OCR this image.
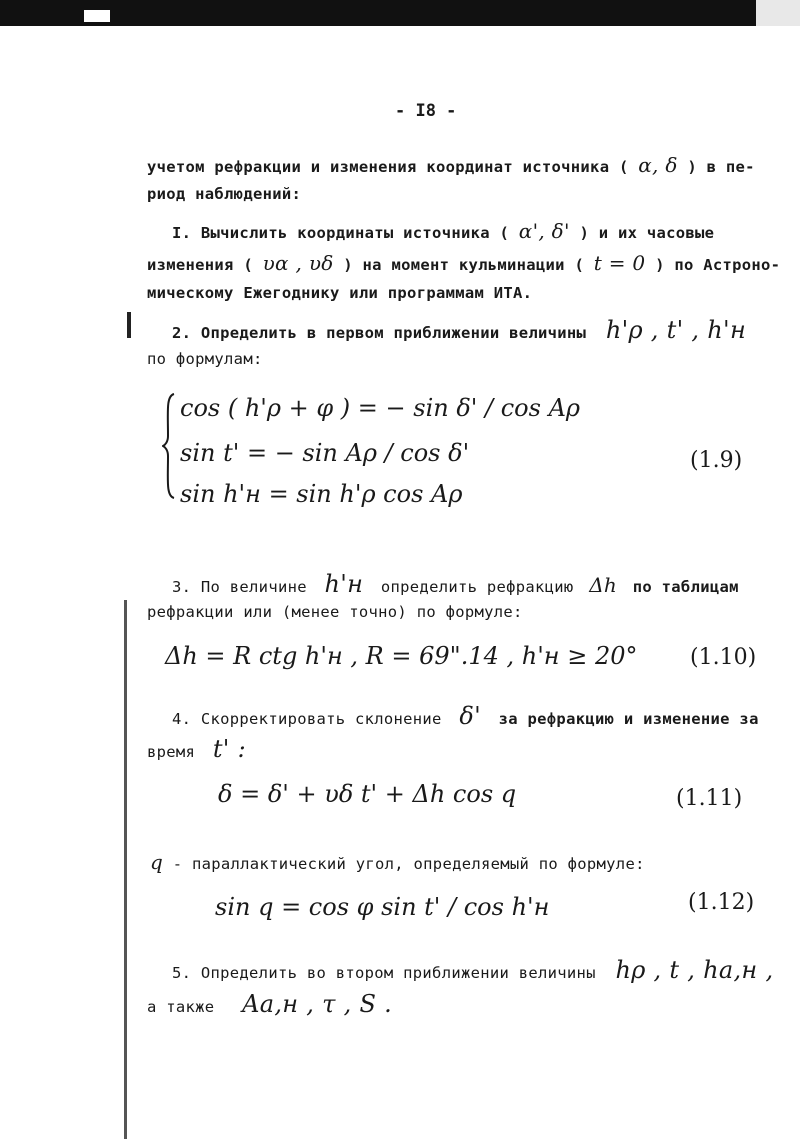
- I8 -
учетом рефракции и изменения координат источника ( α, δ ) в пе-
риод наблюдений:
I. Вычислить координаты источника ( α', δ' ) и их часовые
изменения ( υα , υδ ) на момент кульминации ( t = 0 ) по Астроно-
мическому Ежегоднику или программам ИТА.
2. Определить в первом приближении величины h'ρ , t' , h'н
по формулам:
cos ( h'ρ + φ ) = − sin δ' / cos Aρ
sin t' = − sin Aρ / cos δ'
sin h'н = sin h'ρ cos Aρ
(1.9)
3. По величине h'н определить рефракцию Δh по таблицам
рефракции или (менее точно) по формуле:
Δh = R ctg h'н , R = 69".14 , h'н ≥ 20° (1.10)
4. Скорректировать склонение δ' за рефракцию и изменение за
время t' :
δ = δ' + υδ t' + Δh cos q	(1.11)
q - параллактический угол, определяемый по формуле:
sin q = cos φ sin t' / cos h'н	(1.12)
5. Определить во втором приближении величины hρ , t , hа,н ,
а также Aа,н , τ , S .
